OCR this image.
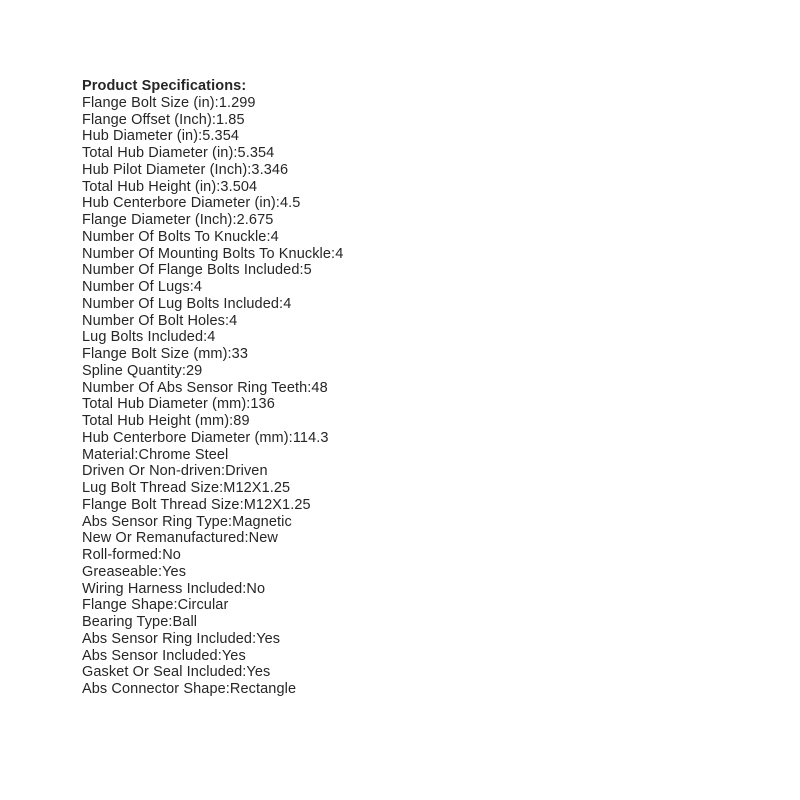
Product Specifications:
Flange Bolt Size (in):1.299
Flange Offset (Inch):1.85
Hub Diameter (in):5.354
Total Hub Diameter (in):5.354
Hub Pilot Diameter (Inch):3.346
Total Hub Height (in):3.504
Hub Centerbore Diameter (in):4.5
Flange Diameter (Inch):2.675
Number Of Bolts To Knuckle:4
Number Of Mounting Bolts To Knuckle:4
Number Of Flange Bolts Included:5
Number Of Lugs:4
Number Of Lug Bolts Included:4
Number Of Bolt Holes:4
Lug Bolts Included:4
Flange Bolt Size (mm):33
Spline Quantity:29
Number Of Abs Sensor Ring Teeth:48
Total Hub Diameter (mm):136
Total Hub Height (mm):89
Hub Centerbore Diameter (mm):114.3
Material:Chrome Steel
Driven Or Non-driven:Driven
Lug Bolt Thread Size:M12X1.25
Flange Bolt Thread Size:M12X1.25
Abs Sensor Ring Type:Magnetic
New Or Remanufactured:New
Roll-formed:No
Greaseable:Yes
Wiring Harness Included:No
Flange Shape:Circular
Bearing Type:Ball
Abs Sensor Ring Included:Yes
Abs Sensor Included:Yes
Gasket Or Seal Included:Yes
Abs Connector Shape:Rectangle
